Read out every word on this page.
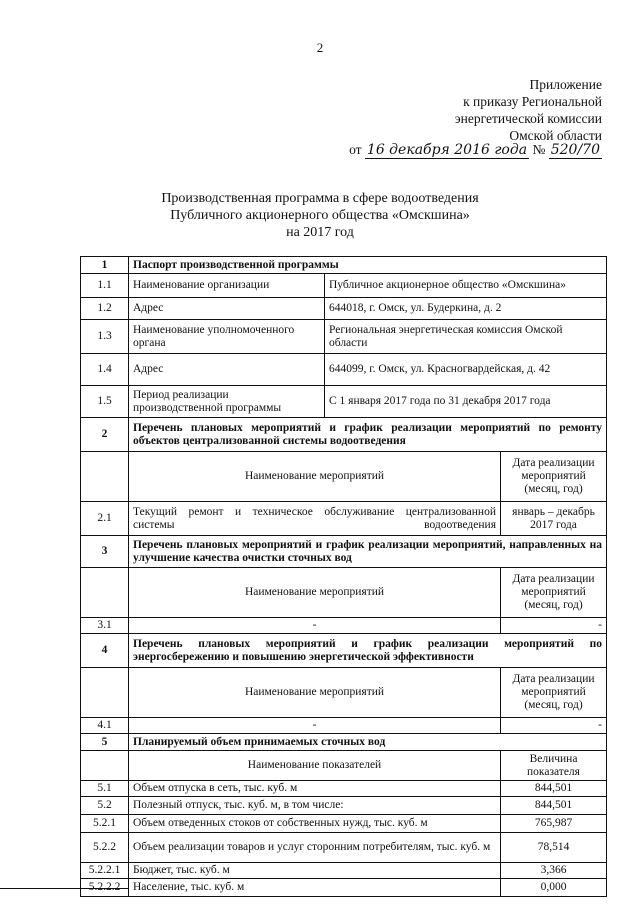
2
Приложение
к приказу Региональной
энергетической комиссии
Омской области
от 16 декабря 2016 года № 520/70
Производственная программа в сфере водоотведения
Публичного акционерного общества «Омскшина»
на 2017 год
1	Паспорт производственной программы		
1.1	Наименование организации	Публичное акционерное общество «Омскшина»	
1.2	Адрес	644018, г. Омск, ул. Будеркина, д. 2	
1.3	Наименование уполномоченного органа	Региональная энергетическая комиссия Омской области	
1.4	Адрес	644099, г. Омск, ул. Красногвардейская, д. 42	
1.5	Период реализации производственной программы	С 1 января 2017 года по 31 декабря 2017 года	
2	Перечень плановых мероприятий и график реализации мероприятий по ремонту объектов централизованной системы водоотведения		
	Наименование мероприятий		Дата реализации мероприятий (месяц, год)
2.1	Текущий ремонт и техническое обслуживание централизованной системы водоотведения		январь – декабрь 2017 года
3	Перечень плановых мероприятий и график реализации мероприятий, направленных на улучшение качества очистки сточных вод		
	Наименование мероприятий		Дата реализации мероприятий (месяц, год)
3.1	-		-
4	Перечень плановых мероприятий и график реализации мероприятий по энергосбережению и повышению энергетической эффективности		
	Наименование мероприятий		Дата реализации мероприятий (месяц, год)
4.1	-		-
5	Планируемый объем принимаемых сточных вод		
	Наименование показателей		Величина показателя
5.1	Объем отпуска в сеть, тыс. куб. м		844,501
5.2	Полезный отпуск, тыс. куб. м, в том числе:		844,501
5.2.1	Объем отведенных стоков от собственных нужд, тыс. куб. м		765,987
5.2.2	Объем реализации товаров и услуг сторонним потребителям, тыс. куб. м		78,514
5.2.2.1	Бюджет, тыс. куб. м		3,366
5.2.2.2	Население, тыс. куб. м		0,000
